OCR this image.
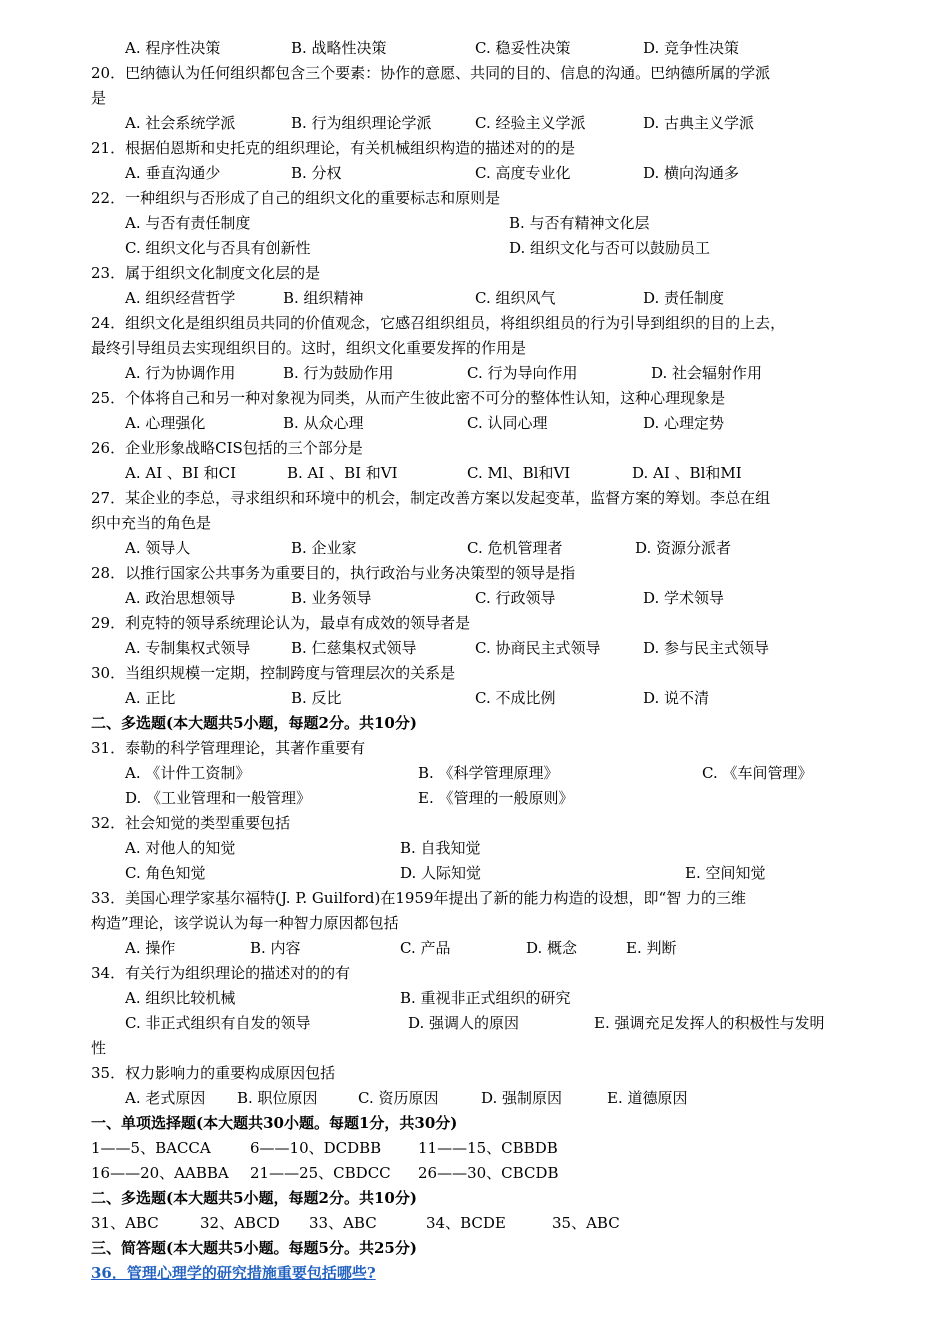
A. 程序性决策	B. 战略性决策	C. 稳妥性决策	D. 竞争性决策
20．巴纳德认为任何组织都包含三个要素：协作的意愿、共同的目的、信息的沟通。巴纳德所属的学派
是
A. 社会系统学派	B. 行为组织理论学派	C. 经验主义学派	D. 古典主义学派
21．根据伯恩斯和史托克的组织理论，有关机械组织构造的描述对的的是
A. 垂直沟通少	B. 分权	C. 高度专业化	D. 横向沟通多
22．一种组织与否形成了自己的组织文化的重要标志和原则是
A. 与否有责任制度	B. 与否有精神文化层
C. 组织文化与否具有创新性	D. 组织文化与否可以鼓励员工
23．属于组织文化制度文化层的是
A. 组织经营哲学	B. 组织精神	C. 组织风气	D. 责任制度
24．组织文化是组织组员共同的价值观念，它感召组织组员，将组织组员的行为引导到组织的目的上去，
最终引导组员去实现组织目的。这时，组织文化重要发挥的作用是
A. 行为协调作用	B. 行为鼓励作用	C. 行为导向作用	D. 社会辐射作用
25．个体将自己和另一种对象视为同类，从而产生彼此密不可分的整体性认知，这种心理现象是
A. 心理强化	B. 从众心理	C. 认同心理	D. 心理定势
26．企业形象战略CIS包括的三个部分是
A. AI 、BI 和CI	B. AI 、BI 和VI	C. Ml、Bl和VI	D. AI 、Bl和MI
27．某企业的李总，寻求组织和环境中的机会，制定改善方案以发起变革，监督方案的筹划。李总在组
织中充当的角色是
A. 领导人	B. 企业家	C. 危机管理者	D. 资源分派者
28．以推行国家公共事务为重要目的，执行政治与业务决策型的领导是指
A. 政治思想领导	B. 业务领导	C. 行政领导	D. 学术领导
29．利克特的领导系统理论认为，最卓有成效的领导者是
A. 专制集权式领导	B. 仁慈集权式领导	C. 协商民主式领导	D. 参与民主式领导
30．当组织规模一定期，控制跨度与管理层次的关系是
A. 正比	B. 反比	C. 不成比例	D. 说不清
二、多选题(本大题共5小题，每题2分。共10分)
31．泰勒的科学管理理论，其著作重要有
A. 《计件工资制》	B. 《科学管理原理》	C. 《车间管理》
D. 《工业管理和一般管理》	E. 《管理的一般原则》
32．社会知觉的类型重要包括
A. 对他人的知觉	B. 自我知觉
C. 角色知觉	D. 人际知觉	E. 空间知觉
33．美国心理学家基尔福特(J. P. Guilford)在1959年提出了新的能力构造的设想，即“智 力的三维
构造”理论，该学说认为每一种智力原因都包括
A. 操作	B. 内容	C. 产品	D. 概念	E. 判断
34．有关行为组织理论的描述对的的有
A. 组织比较机械	B. 重视非正式组织的研究
C. 非正式组织有自发的领导	D. 强调人的原因	E. 强调充足发挥人的积极性与发明
性
35．权力影响力的重要构成原因包括
A. 老式原因 B. 职位原因	C. 资历原因	D. 强制原因	E. 道德原因
一、单项选择题(本大题共30小题。每题1分，共30分)
1——5、BACCA	6——10、DCDBB 11——15、CBBDB
16——20、AABBA 21——25、CBDCC 26——30、CBCDB
二、多选题(本大题共5小题，每题2分。共10分)
31、ABC	32、ABCD 33、ABC	34、BCDE	35、ABC
三、简答题(本大题共5小题。每题5分。共25分)
36．管理心理学的研究措施重要包括哪些?
